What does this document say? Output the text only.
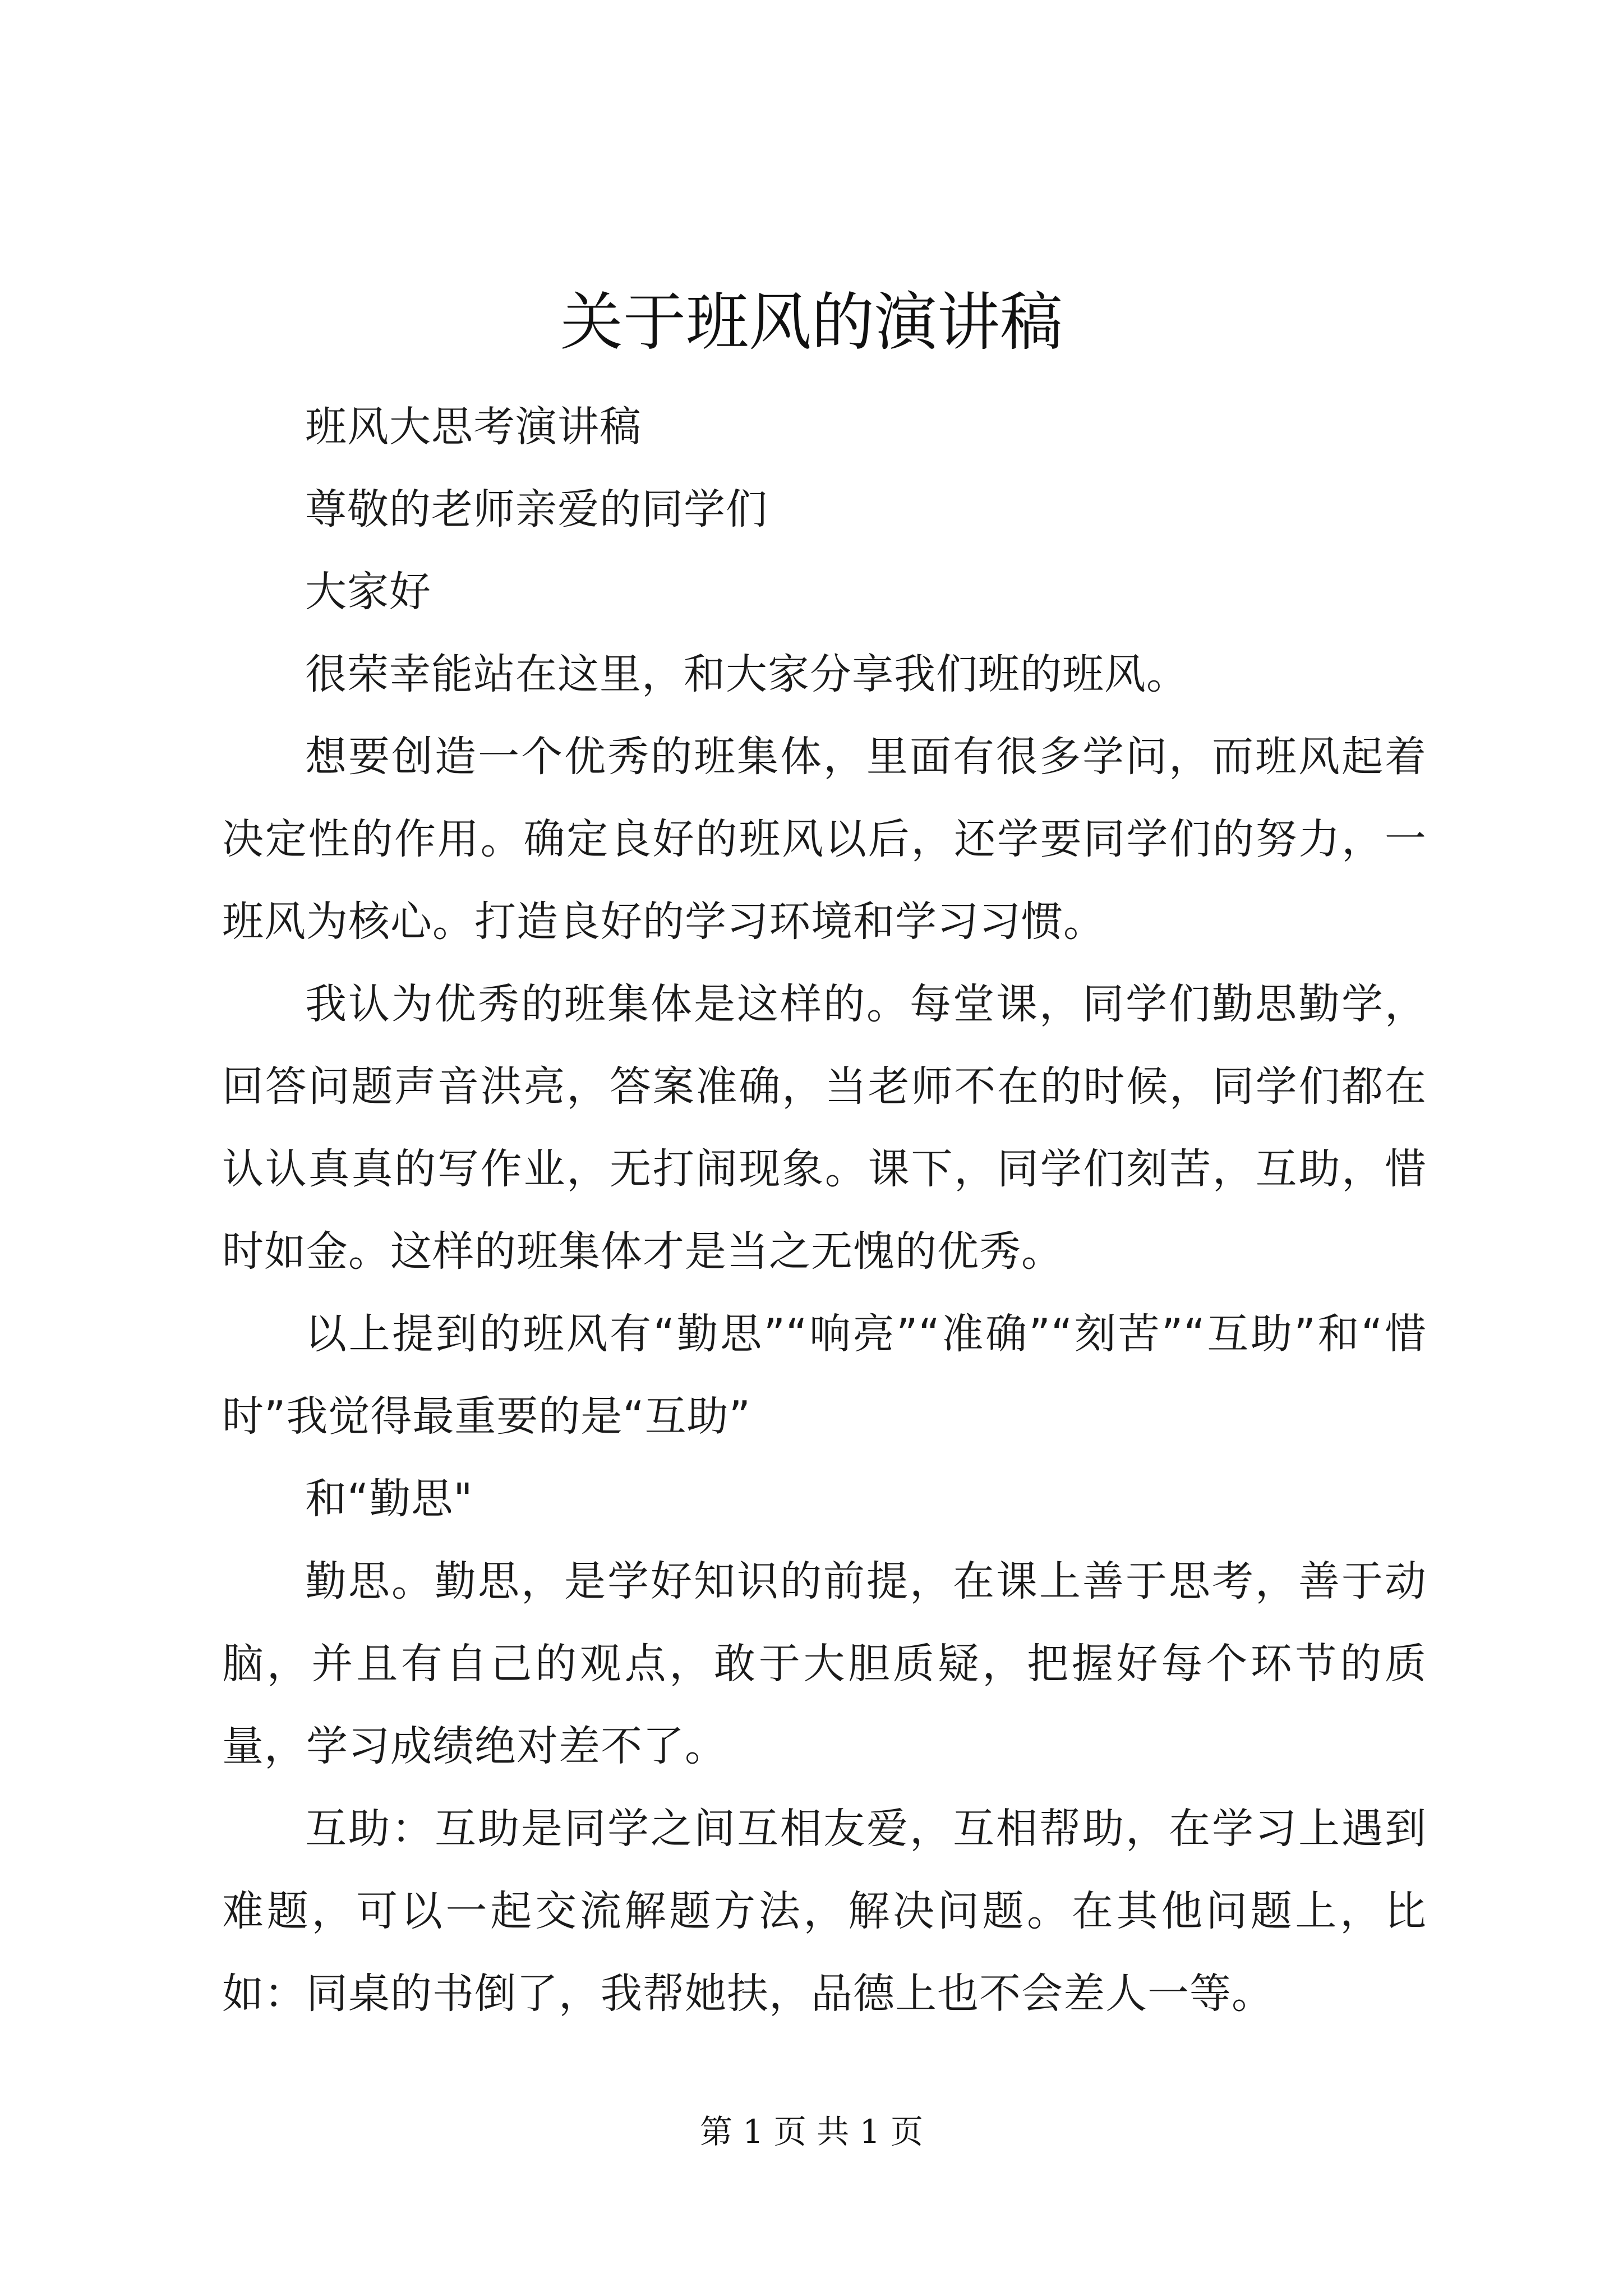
关于班风的演讲稿

班风大思考演讲稿

尊敬的老师亲爱的同学们

大家好

很荣幸能站在这里，和大家分享我们班的班风。

想要创造一个优秀的班集体，里面有很多学问，而班风起着决定性的作用。确定良好的班风以后，还学要同学们的努力，一班风为核心。打造良好的学习环境和学习习惯。

我认为优秀的班集体是这样的。每堂课，同学们勤思勤学，回答问题声音洪亮，答案准确，当老师不在的时候，同学们都在认认真真的写作业，无打闹现象。课下，同学们刻苦，互助，惜时如金。这样的班集体才是当之无愧的优秀。

以上提到的班风有“勤思”“响亮”“准确”“刻苦”“互助”和“惜时”我觉得最重要的是“互助”

和“勤思"

勤思。勤思，是学好知识的前提，在课上善于思考，善于动脑，并且有自己的观点，敢于大胆质疑，把握好每个环节的质量，学习成绩绝对差不了。

互助：互助是同学之间互相友爱，互相帮助，在学习上遇到难题，可以一起交流解题方法，解决问题。在其他问题上，比如：同桌的书倒了，我帮她扶，品德上也不会差人一等。

第 1 页 共 1 页
